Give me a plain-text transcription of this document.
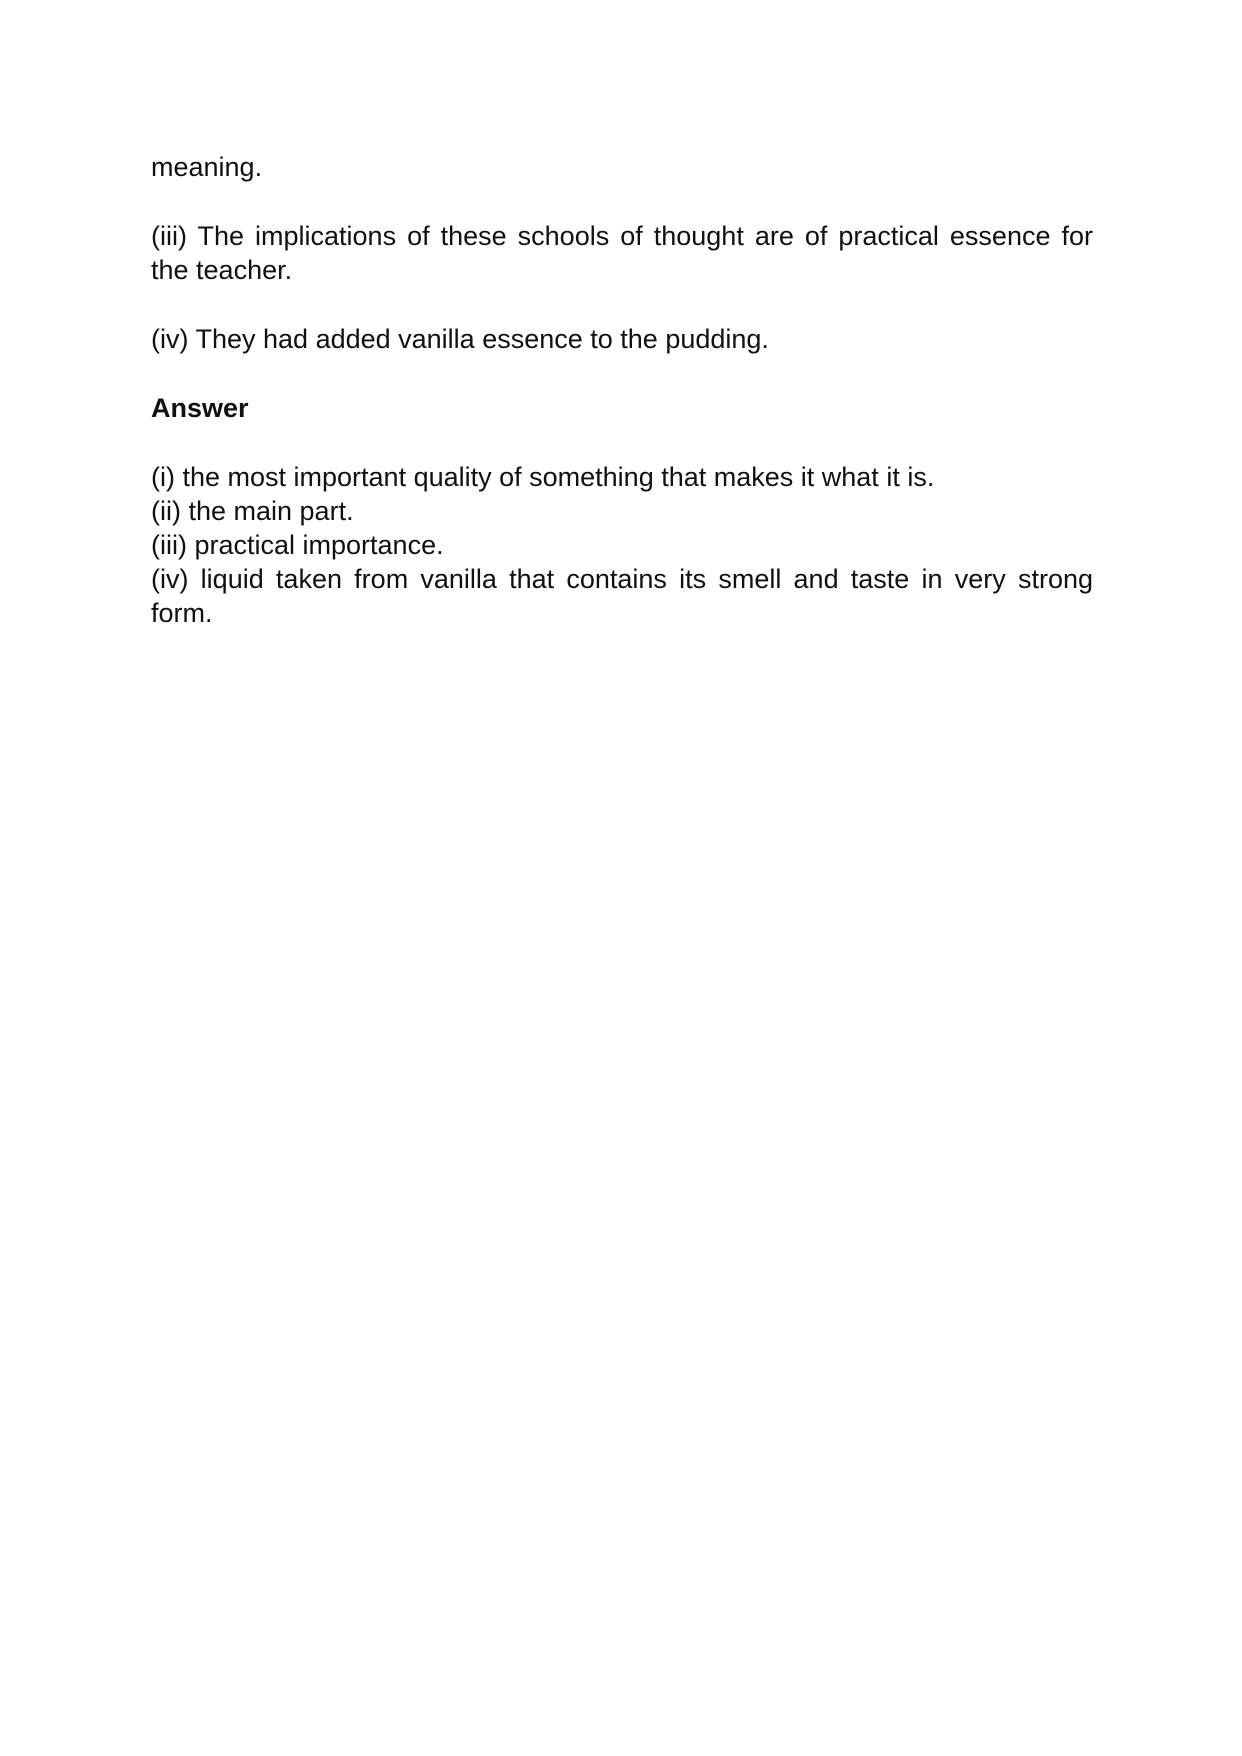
meaning.

(iii) The implications of these schools of thought are of practical essence for the teacher.

(iv) They had added vanilla essence to the pudding.

Answer

(i) the most important quality of something that makes it what it is.

(ii) the main part.

(iii) practical importance.

(iv) liquid taken from vanilla that contains its smell and taste in very strong form.
